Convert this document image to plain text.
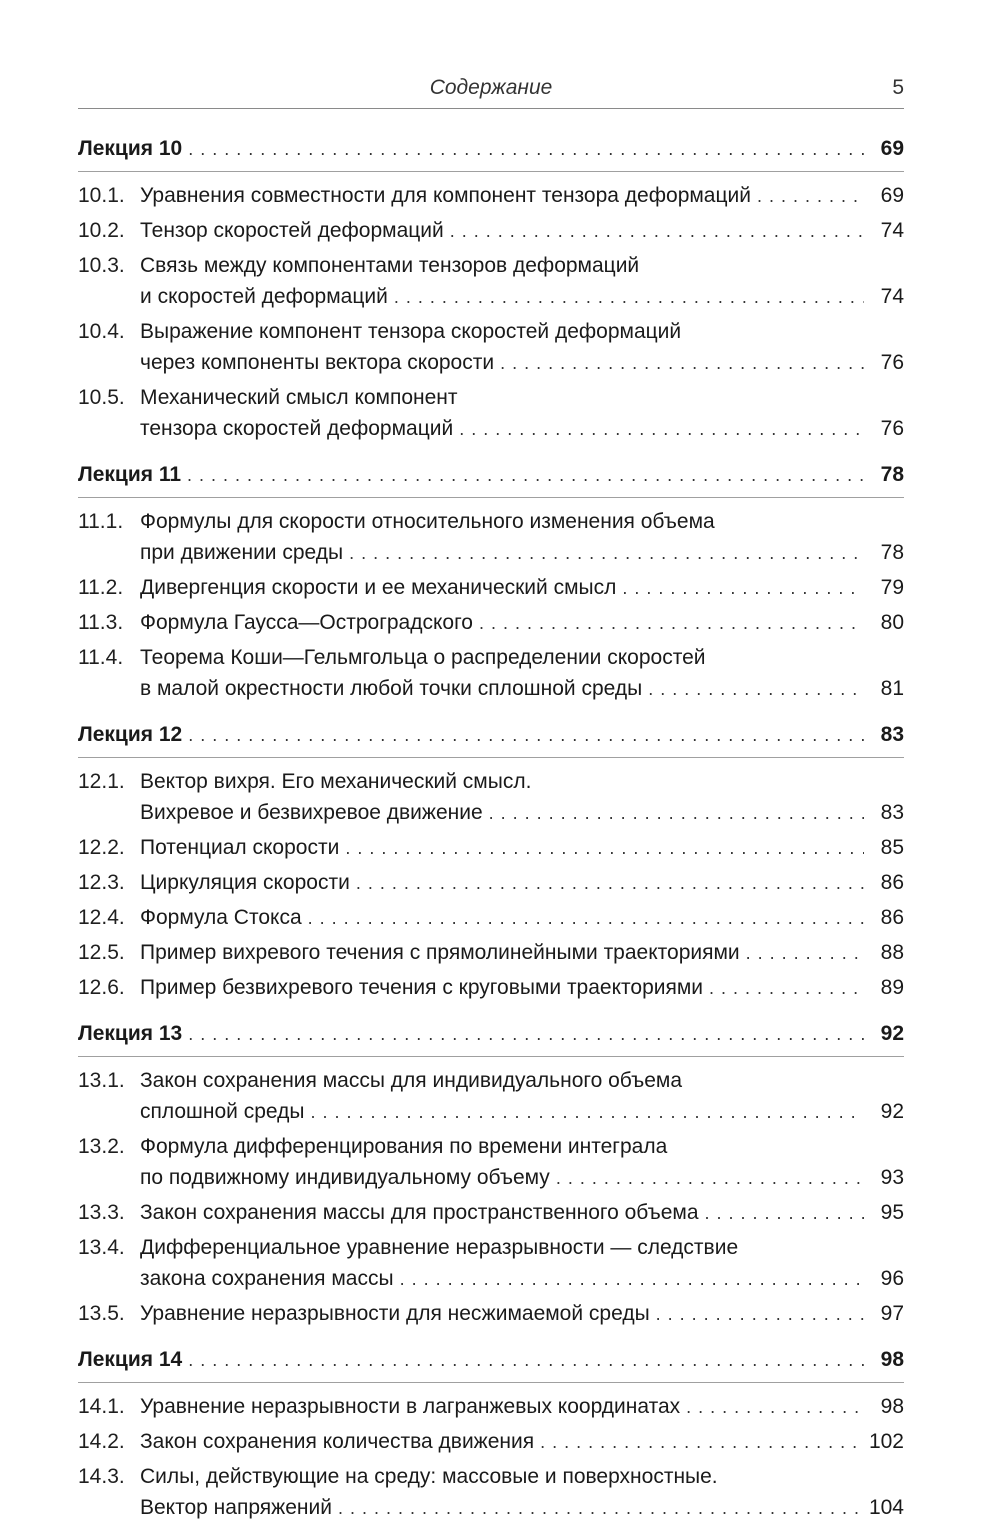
Содержание	5
Лекция 10 . . .	69
10.1. Уравнения совместности для компонент тензора деформаций . . .	69
10.2. Тензор скоростей деформаций . . .	74
10.3. Связь между компонентами тензоров деформаций
и скоростей деформаций . . .	74
10.4. Выражение компонент тензора скоростей деформаций
через компоненты вектора скорости . . .	76
10.5. Механический смысл компонент
тензора скоростей деформаций . . .	76
Лекция 11 . . .	78
11.1. Формулы для скорости относительного изменения объема
при движении среды . . .	78
11.2. Дивергенция скорости и ее механический смысл . . .	79
11.3. Формула Гаусса—Остроградского . . .	80
11.4. Теорема Коши—Гельмгольца о распределении скоростей
в малой окрестности любой точки сплошной среды . . .	81
Лекция 12 . . .	83
12.1. Вектор вихря. Его механический смысл.
Вихревое и безвихревое движение . . .	83
12.2. Потенциал скорости . . .	85
12.3. Циркуляция скорости . . .	86
12.4. Формула Стокса . . .	86
12.5. Пример вихревого течения с прямолинейными траекториями . . .	88
12.6. Пример безвихревого течения с круговыми траекториями . . .	89
Лекция 13 . . .	92
13.1. Закон сохранения массы для индивидуального объема
сплошной среды . . .	92
13.2. Формула дифференцирования по времени интеграла
по подвижному индивидуальному объему . . .	93
13.3. Закон сохранения массы для пространственного объема . . .	95
13.4. Дифференциальное уравнение неразрывности — следствие
закона сохранения массы . . .	96
13.5. Уравнение неразрывности для несжимаемой среды . . .	97
Лекция 14 . . .	98
14.1. Уравнение неразрывности в лагранжевых координатах . . .	98
14.2. Закон сохранения количества движения . . .	102
14.3. Силы, действующие на среду: массовые и поверхностные.
Вектор напряжений . . .	104
